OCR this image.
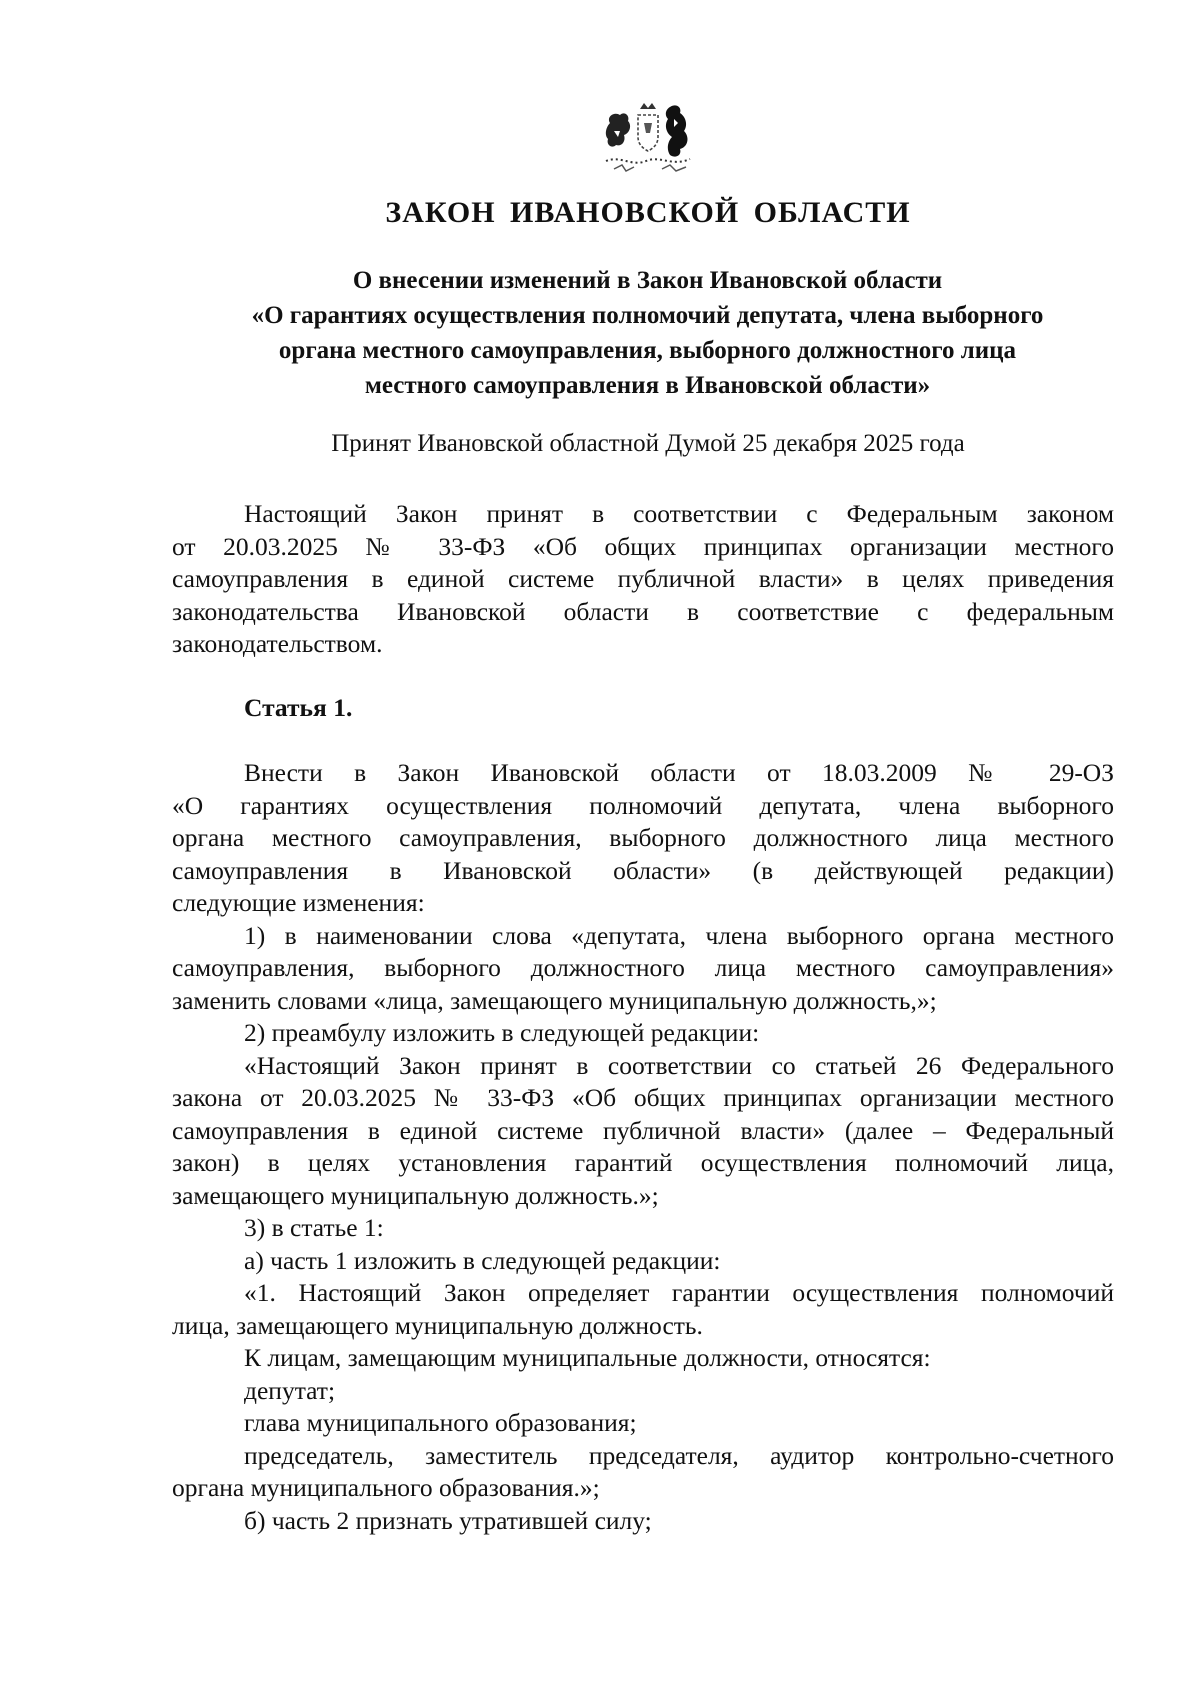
ЗАКОН ИВАНОВСКОЙ ОБЛАСТИ
О внесении изменений в Закон Ивановской области
«О гарантиях осуществления полномочий депутата, члена выборного
органа местного самоуправления, выборного должностного лица
местного самоуправления в Ивановской области»
Принят Ивановской областной Думой 25 декабря 2025 года
Настоящий Закон принят в соответствии с Федеральным законом
от 20.03.2025 № 33-ФЗ «Об общих принципах организации местного
самоуправления в единой системе публичной власти» в целях приведения
законодательства Ивановской области в соответствие с федеральным
законодательством.
Статья 1.
Внести в Закон Ивановской области от 18.03.2009 № 29-ОЗ
«О гарантиях осуществления полномочий депутата, члена выборного
органа местного самоуправления, выборного должностного лица местного
самоуправления в Ивановской области» (в действующей редакции)
следующие изменения:
1) в наименовании слова «депутата, члена выборного органа местного
самоуправления, выборного должностного лица местного самоуправления»
заменить словами «лица, замещающего муниципальную должность,»;
2) преамбулу изложить в следующей редакции:
«Настоящий Закон принят в соответствии со статьей 26 Федерального
закона от 20.03.2025 № 33-ФЗ «Об общих принципах организации местного
самоуправления в единой системе публичной власти» (далее – Федеральный
закон) в целях установления гарантий осуществления полномочий лица,
замещающего муниципальную должность.»;
3) в статье 1:
а) часть 1 изложить в следующей редакции:
«1. Настоящий Закон определяет гарантии осуществления полномочий
лица, замещающего муниципальную должность.
К лицам, замещающим муниципальные должности, относятся:
депутат;
глава муниципального образования;
председатель, заместитель председателя, аудитор контрольно-счетного
органа муниципального образования.»;
б) часть 2 признать утратившей силу;
